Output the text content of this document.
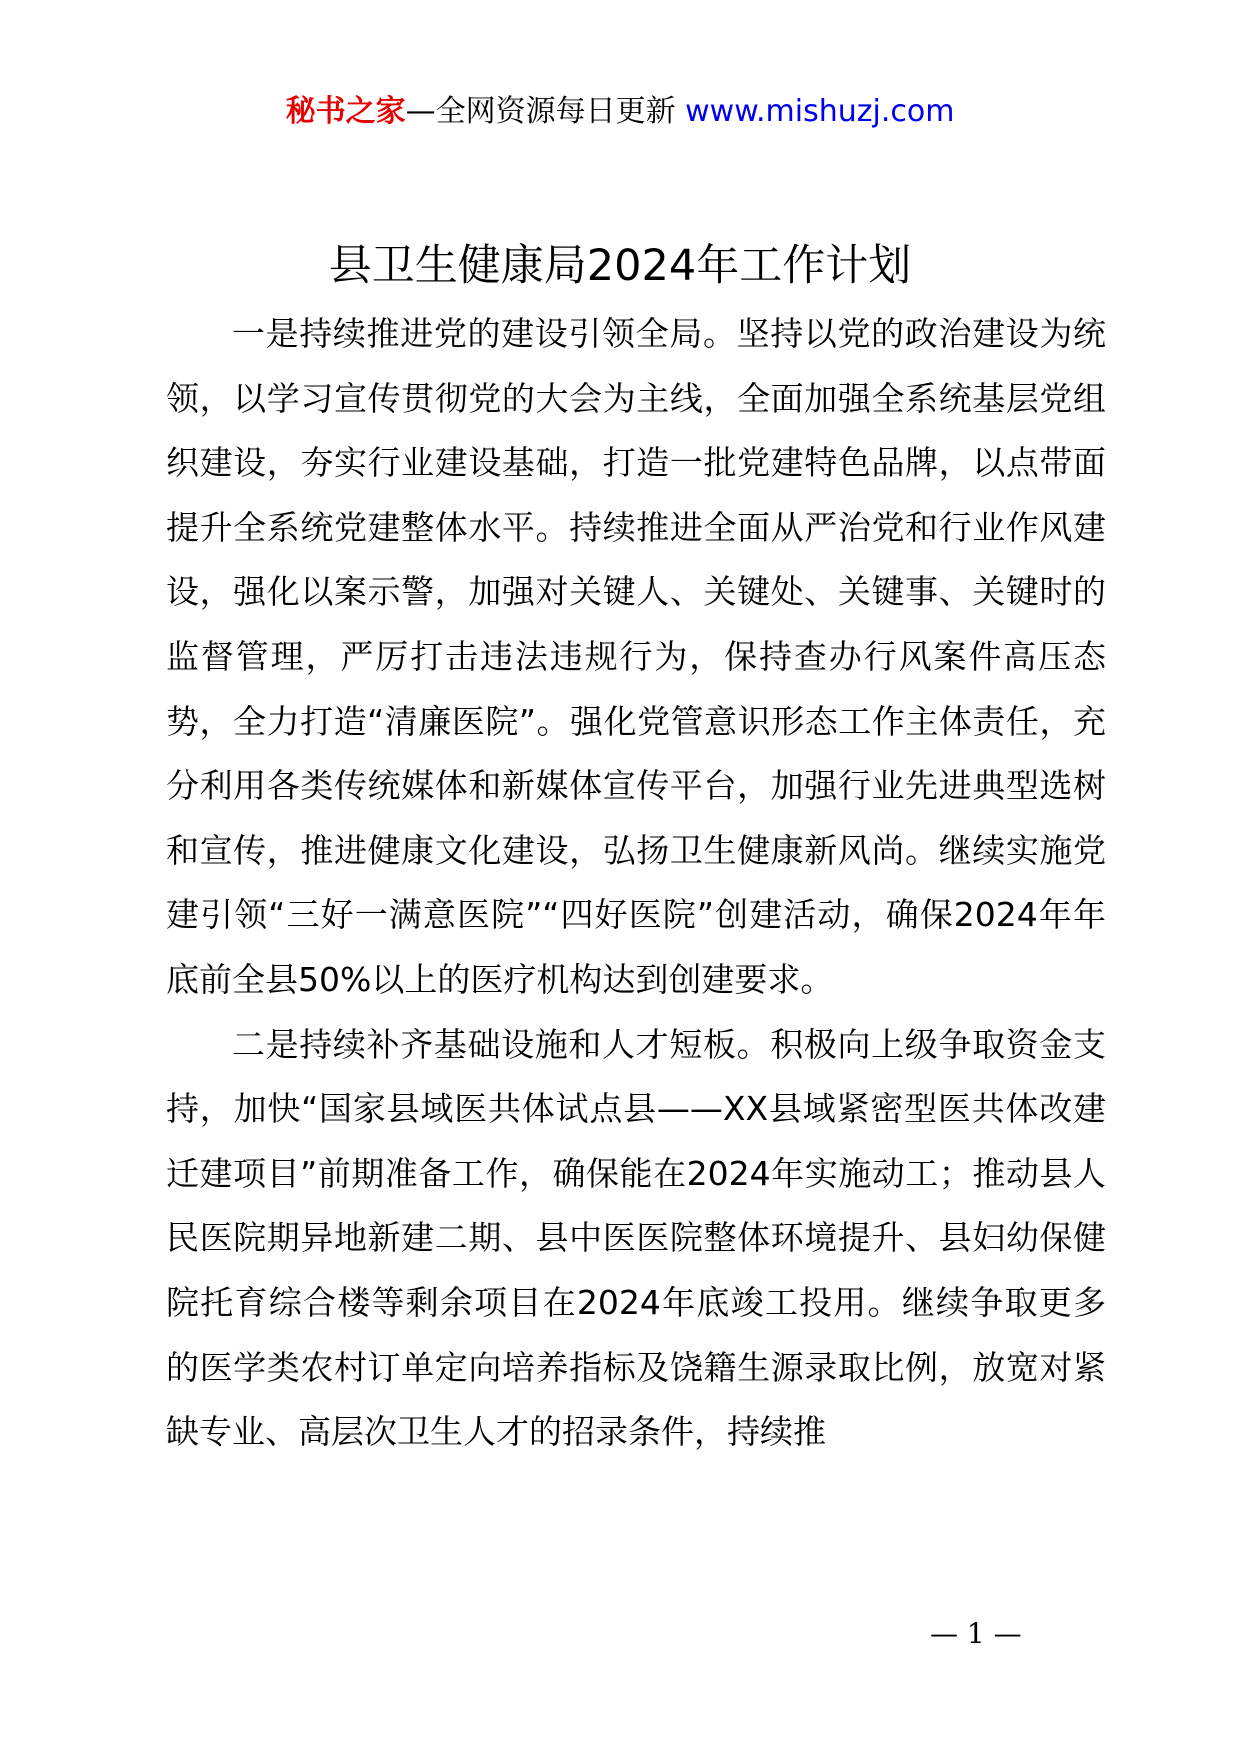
秘书之家—全网资源每日更新 www.mishuzj.com
县卫生健康局2024年工作计划

一是持续推进党的建设引领全局。坚持以党的政治建设为统领，以学习宣传贯彻党的大会为主线，全面加强全系统基层党组织建设，夯实行业建设基础，打造一批党建特色品牌，以点带面提升全系统党建整体水平。持续推进全面从严治党和行业作风建设，强化以案示警，加强对关键人、关键处、关键事、关键时的监督管理，严厉打击违法违规行为，保持查办行风案件高压态势，全力打造“清廉医院”。强化党管意识形态工作主体责任，充分利用各类传统媒体和新媒体宣传平台，加强行业先进典型选树和宣传，推进健康文化建设，弘扬卫生健康新风尚。继续实施党建引领“三好一满意医院”“四好医院”创建活动，确保2024年年底前全县50%以上的医疗机构达到创建要求。

二是持续补齐基础设施和人才短板。积极向上级争取资金支持，加快“国家县域医共体试点县——XX县域紧密型医共体改建迁建项目”前期准备工作，确保能在2024年实施动工；推动县人民医院期异地新建二期、县中医医院整体环境提升、县妇幼保健院托育综合楼等剩余项目在2024年底竣工投用。继续争取更多的医学类农村订单定向培养指标及饶籍生源录取比例，放宽对紧缺专业、高层次卫生人才的招录条件，持续推

— 1 —
